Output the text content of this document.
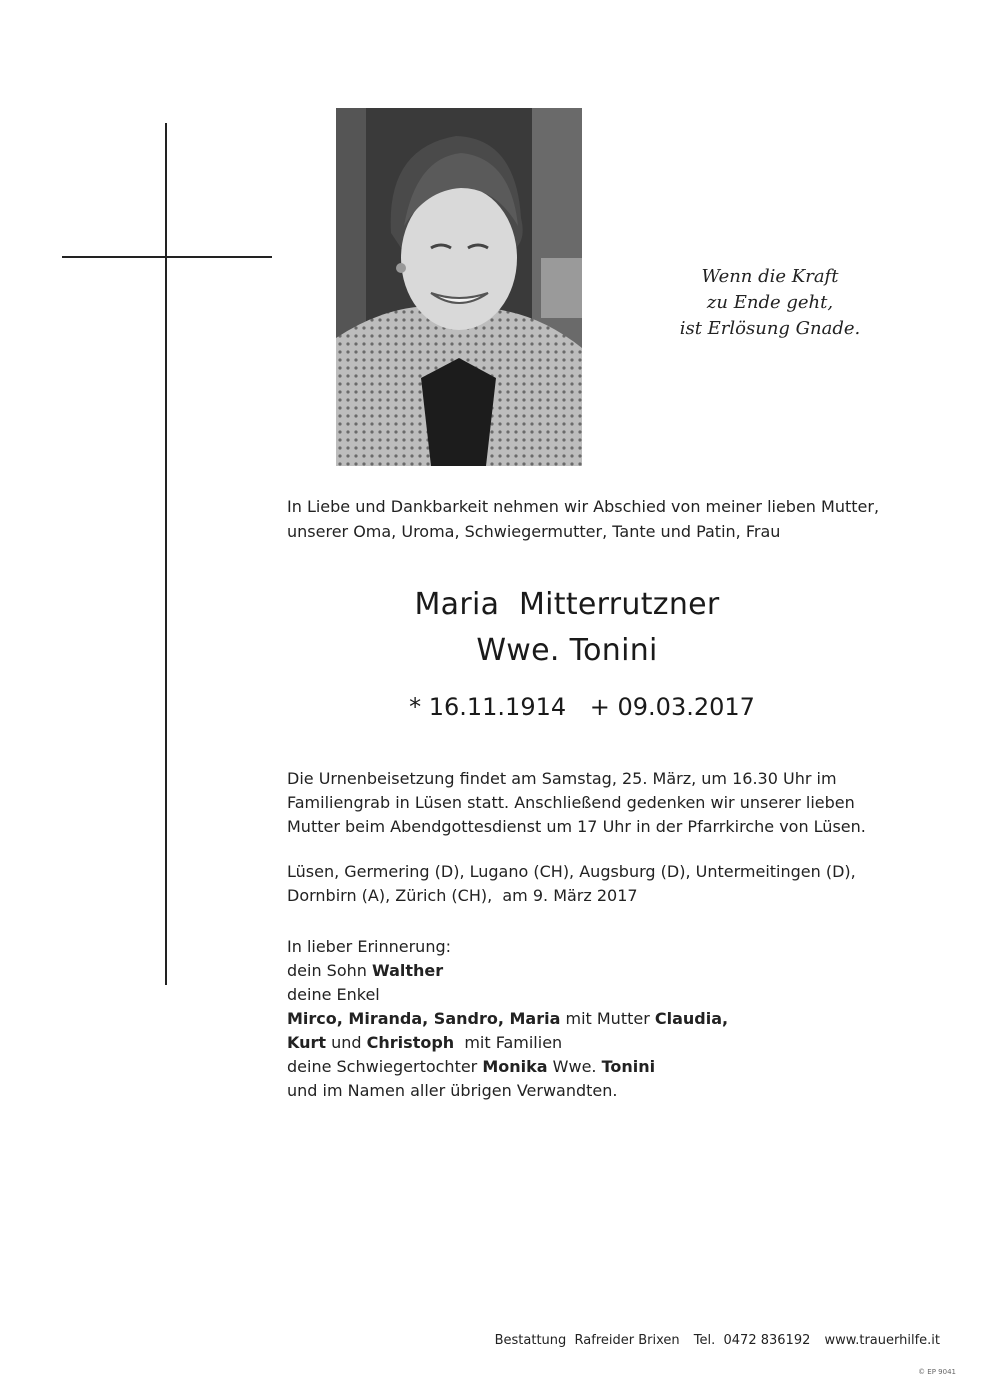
Wenn die Kraft
zu Ende geht,
ist Erlösung Gnade.
In Liebe und Dankbarkeit nehmen wir Abschied von meiner lieben Mutter,
unserer Oma, Uroma, Schwiegermutter, Tante und Patin, Frau
Maria  Mitterrutzner
Wwe. Tonini
* 16.11.1914 + 09.03.2017
Die Urnenbeisetzung findet am Samstag, 25. März, um 16.30 Uhr im
Familiengrab in Lüsen statt. Anschließend gedenken wir unserer lieben
Mutter beim Abendgottesdienst um 17 Uhr in der Pfarrkirche von Lüsen.
Lüsen, Germering (D), Lugano (CH), Augsburg (D), Untermeitingen (D),
Dornbirn (A), Zürich (CH),  am 9. März 2017
In lieber Erinnerung:
dein Sohn Walther
deine Enkel
Mirco, Miranda, Sandro, Maria mit Mutter Claudia,
Kurt und Christoph  mit Familien
deine Schwiegertochter Monika Wwe. Tonini
und im Namen aller übrigen Verwandten.
Bestattung  Rafreider Brixen Tel.  0472 836192 www.trauerhilfe.it
© EP 9041
